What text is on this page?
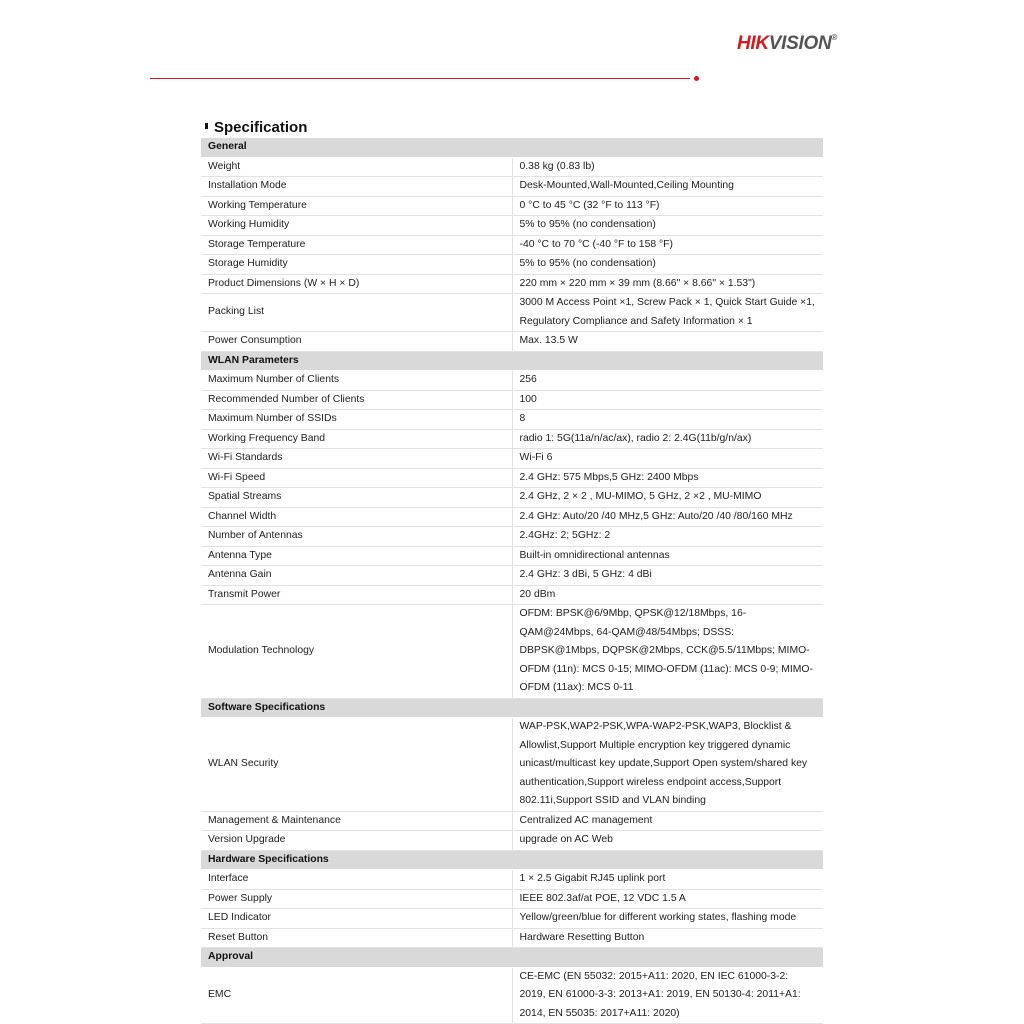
HIKVISION®
Specification
General	
Weight	0.38 kg (0.83 lb)
Installation Mode	Desk-Mounted,Wall-Mounted,Ceiling Mounting
Working Temperature	0 °C to 45 °C (32 °F to 113 °F)
Working Humidity	5% to 95% (no condensation)
Storage Temperature	-40 °C to 70 °C (-40 °F to 158 °F)
Storage Humidity	5% to 95% (no condensation)
Product Dimensions (W × H × D)	220 mm × 220 mm × 39 mm (8.66" × 8.66" × 1.53")
Packing List	3000 M Access Point ×1, Screw Pack × 1, Quick Start Guide ×1, Regulatory Compliance and Safety Information × 1
Power Consumption	Max. 13.5 W
WLAN Parameters	
Maximum Number of Clients	256
Recommended Number of Clients	100
Maximum Number of SSIDs	8
Working Frequency Band	radio 1: 5G(11a/n/ac/ax), radio 2: 2.4G(11b/g/n/ax)
Wi-Fi Standards	Wi-Fi 6
Wi-Fi Speed	2.4 GHz: 575 Mbps,5 GHz: 2400 Mbps
Spatial Streams	2.4 GHz, 2 × 2 , MU-MIMO, 5 GHz, 2 ×2 , MU-MIMO
Channel Width	2.4 GHz: Auto/20 /40 MHz,5 GHz: Auto/20 /40 /80/160 MHz
Number of Antennas	2.4GHz: 2; 5GHz: 2
Antenna Type	Built-in omnidirectional antennas
Antenna Gain	2.4 GHz: 3 dBi, 5 GHz: 4 dBi
Transmit Power	20 dBm
Modulation Technology	OFDM: BPSK@6/9Mbp, QPSK@12/18Mbps, 16-QAM@24Mbps, 64-QAM@48/54Mbps; DSSS: DBPSK@1Mbps, DQPSK@2Mbps, CCK@5.5/11Mbps; MIMO-OFDM (11n): MCS 0-15; MIMO-OFDM (11ac): MCS 0-9; MIMO-OFDM (11ax): MCS 0-11
Software Specifications	
WLAN Security	WAP-PSK,WAP2-PSK,WPA-WAP2-PSK,WAP3, Blocklist & Allowlist,Support Multiple encryption key triggered dynamic unicast/multicast key update,Support Open system/shared key authentication,Support wireless endpoint access,Support 802.11i,Support SSID and VLAN binding
Management & Maintenance	Centralized AC management
Version Upgrade	upgrade on AC Web
Hardware Specifications	
Interface	1 × 2.5 Gigabit RJ45 uplink port
Power Supply	IEEE 802.3af/at POE, 12 VDC 1.5 A
LED Indicator	Yellow/green/blue for different working states, flashing mode
Reset Button	Hardware Resetting Button
Approval	
EMC	CE-EMC (EN 55032: 2015+A11: 2020, EN IEC 61000-3-2: 2019, EN 61000-3-3: 2013+A1: 2019, EN 50130-4: 2011+A1: 2014, EN 55035: 2017+A11: 2020)
